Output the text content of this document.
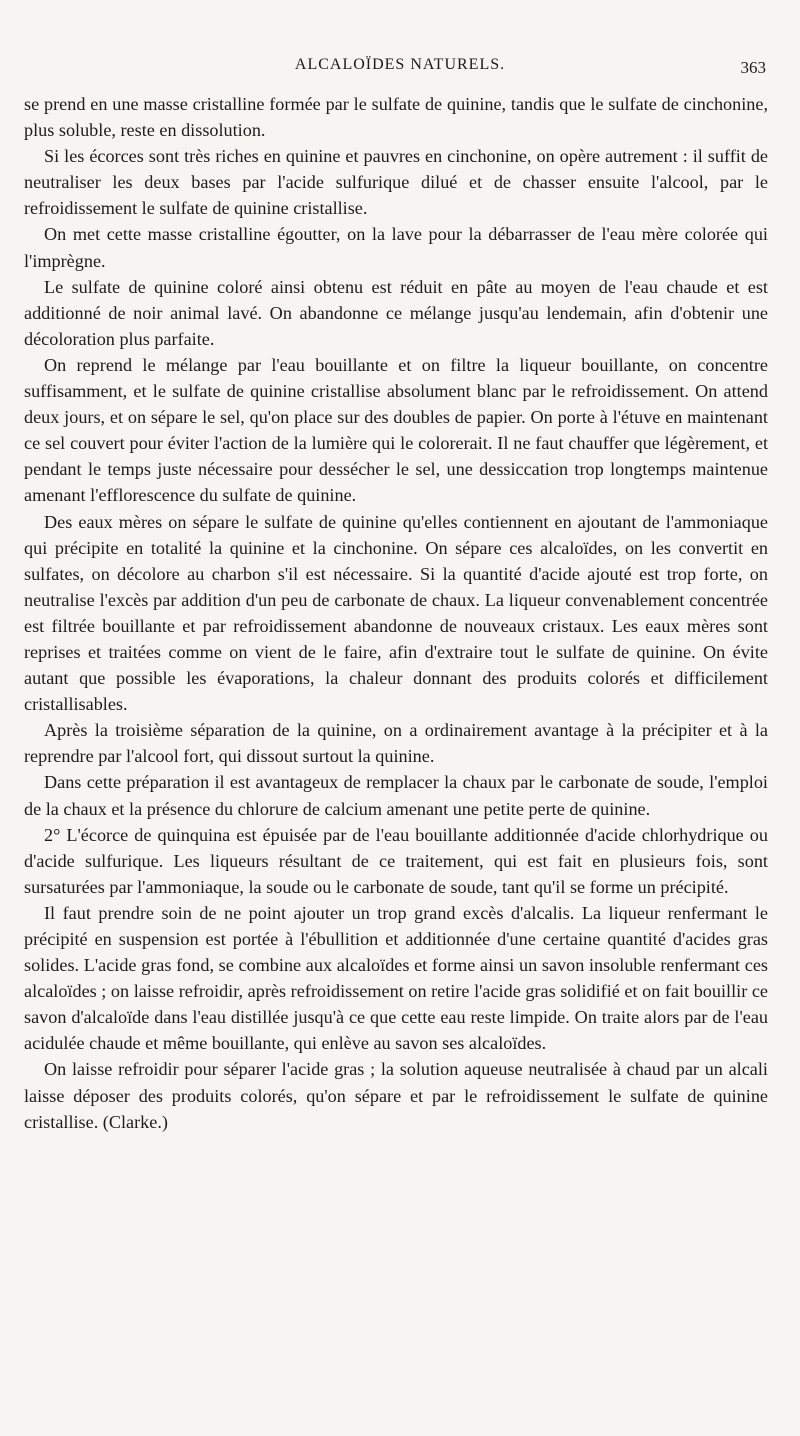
ALCALOÏDES NATURELS.	363

se prend en une masse cristalline formée par le sulfate de quinine, tandis que le sulfate de cinchonine, plus soluble, reste en dissolution.

Si les écorces sont très riches en quinine et pauvres en cinchonine, on opère autrement : il suffit de neutraliser les deux bases par l'acide sulfurique dilué et de chasser ensuite l'alcool, par le refroidissement le sulfate de quinine cristallise.

On met cette masse cristalline égoutter, on la lave pour la débarrasser de l'eau mère colorée qui l'imprègne.

Le sulfate de quinine coloré ainsi obtenu est réduit en pâte au moyen de l'eau chaude et est additionné de noir animal lavé. On abandonne ce mélange jusqu'au lendemain, afin d'obtenir une décoloration plus parfaite.

On reprend le mélange par l'eau bouillante et on filtre la liqueur bouillante, on concentre suffisamment, et le sulfate de quinine cristallise absolument blanc par le refroidissement. On attend deux jours, et on sépare le sel, qu'on place sur des doubles de papier. On porte à l'étuve en maintenant ce sel couvert pour éviter l'action de la lumière qui le colorerait. Il ne faut chauffer que légèrement, et pendant le temps juste nécessaire pour dessécher le sel, une dessiccation trop longtemps maintenue amenant l'efflorescence du sulfate de quinine.

Des eaux mères on sépare le sulfate de quinine qu'elles contiennent en ajoutant de l'ammoniaque qui précipite en totalité la quinine et la cinchonine. On sépare ces alcaloïdes, on les convertit en sulfates, on décolore au charbon s'il est nécessaire. Si la quantité d'acide ajouté est trop forte, on neutralise l'excès par addition d'un peu de carbonate de chaux. La liqueur convenablement concentrée est filtrée bouillante et par refroidissement abandonne de nouveaux cristaux. Les eaux mères sont reprises et traitées comme on vient de le faire, afin d'extraire tout le sulfate de quinine. On évite autant que possible les évaporations, la chaleur donnant des produits colorés et difficilement cristallisables.

Après la troisième séparation de la quinine, on a ordinairement avantage à la précipiter et à la reprendre par l'alcool fort, qui dissout surtout la quinine.

Dans cette préparation il est avantageux de remplacer la chaux par le carbonate de soude, l'emploi de la chaux et la présence du chlorure de calcium amenant une petite perte de quinine.

2° L'écorce de quinquina est épuisée par de l'eau bouillante additionnée d'acide chlorhydrique ou d'acide sulfurique. Les liqueurs résultant de ce traitement, qui est fait en plusieurs fois, sont sursaturées par l'ammoniaque, la soude ou le carbonate de soude, tant qu'il se forme un précipité.

Il faut prendre soin de ne point ajouter un trop grand excès d'alcalis. La liqueur renfermant le précipité en suspension est portée à l'ébullition et additionnée d'une certaine quantité d'acides gras solides. L'acide gras fond, se combine aux alcaloïdes et forme ainsi un savon insoluble renfermant ces alcaloïdes ; on laisse refroidir, après refroidissement on retire l'acide gras solidifié et on fait bouillir ce savon d'alcaloïde dans l'eau distillée jusqu'à ce que cette eau reste limpide. On traite alors par de l'eau acidulée chaude et même bouillante, qui enlève au savon ses alcaloïdes.

On laisse refroidir pour séparer l'acide gras ; la solution aqueuse neutralisée à chaud par un alcali laisse déposer des produits colorés, qu'on sépare et par le refroidissement le sulfate de quinine cristallise. (Clarke.)
